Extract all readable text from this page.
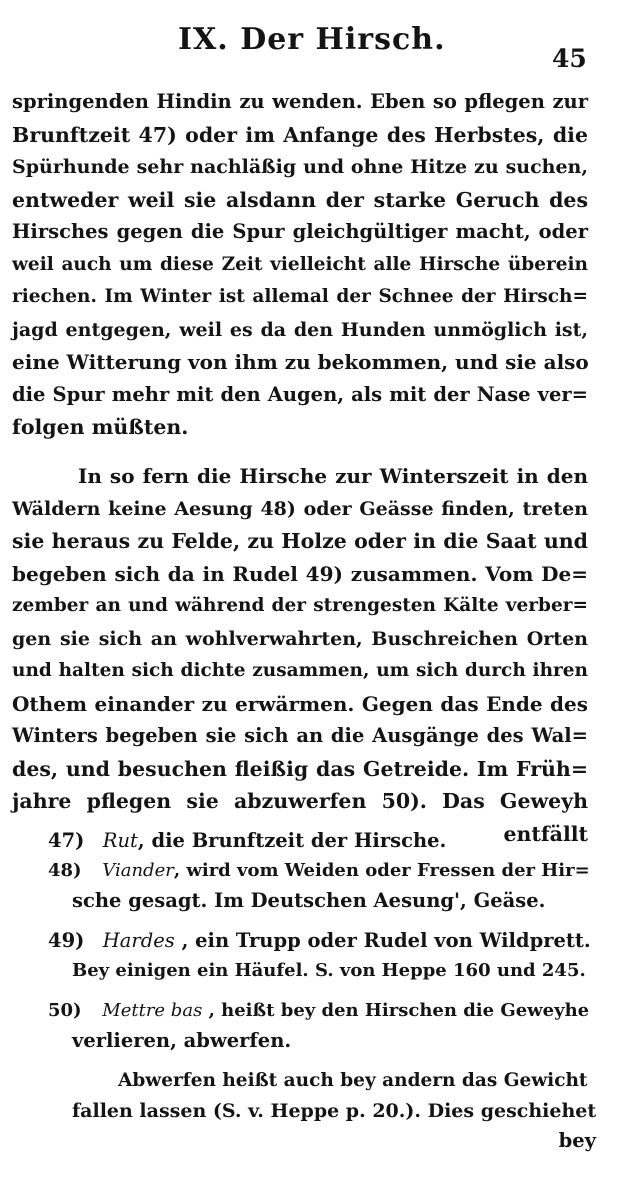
IX. Der Hirsch.
45
springenden Hindin zu wenden. Eben so pflegen zur
Brunftzeit 47) oder im Anfange des Herbstes, die
Spürhunde sehr nachläßig und ohne Hitze zu suchen,
entweder weil sie alsdann der starke Geruch des
Hirsches gegen die Spur gleichgültiger macht, oder
weil auch um diese Zeit vielleicht alle Hirsche überein
riechen. Im Winter ist allemal der Schnee der Hirsch=
jagd entgegen, weil es da den Hunden unmöglich ist,
eine Witterung von ihm zu bekommen, und sie also
die Spur mehr mit den Augen, als mit der Nase ver=
folgen müßten.
In so fern die Hirsche zur Winterszeit in den
Wäldern keine Aesung 48) oder Geässe finden, treten
sie heraus zu Felde, zu Holze oder in die Saat und
begeben sich da in Rudel 49) zusammen. Vom De=
zember an und während der strengesten Kälte verber=
gen sie sich an wohlverwahrten, Buschreichen Orten
und halten sich dichte zusammen, um sich durch ihren
Othem einander zu erwärmen. Gegen das Ende des
Winters begeben sie sich an die Ausgänge des Wal=
des, und besuchen fleißig das Getreide. Im Früh=
jahre pflegen sie abzuwerfen 50). Das Geweyh
entfällt
47) Rut, die Brunftzeit der Hirsche.
48) Viander, wird vom Weiden oder Fressen der Hir=
sche gesagt. Im Deutschen Aesung', Geäse.
49) Hardes , ein Trupp oder Rudel von Wildprett.
Bey einigen ein Häufel. S. von Heppe 160 und 245.
50) Mettre bas , heißt bey den Hirschen die Geweyhe
verlieren, abwerfen.
Abwerfen heißt auch bey andern das Gewicht
fallen lassen (S. v. Heppe p. 20.). Dies geschiehet
bey
